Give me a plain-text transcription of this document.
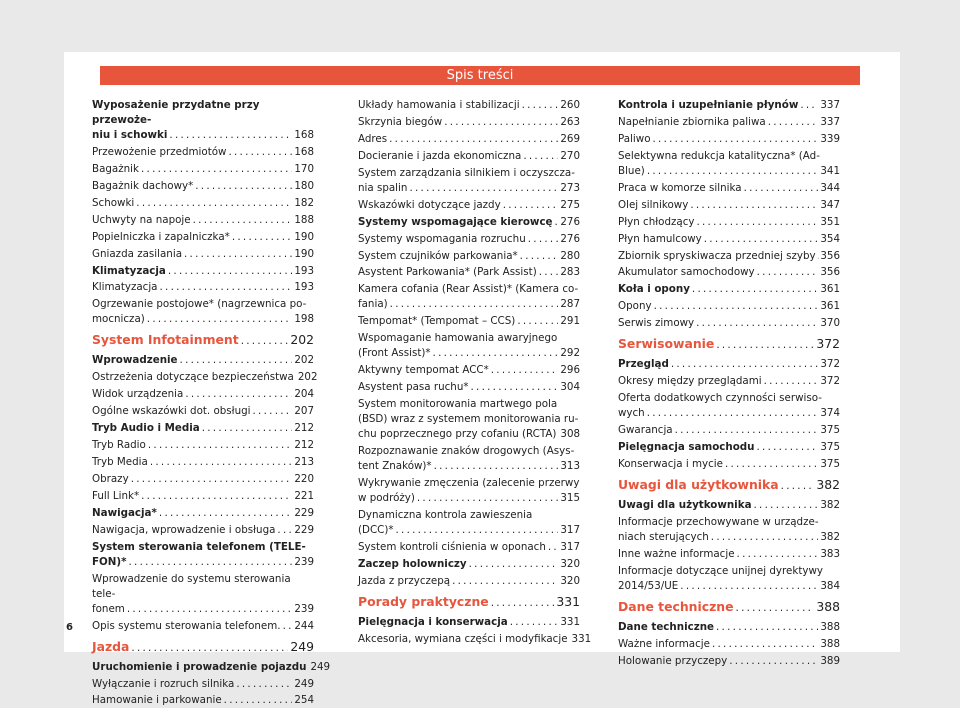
Spis treści
Wyposażenie przydatne przy przewoże-
niu i schowki . . .	168
Przewożenie przedmiotów . . .	168
Bagażnik . . .	170
Bagażnik dachowy* . . .	180
Schowki . . .	182
Uchwyty na napoje . . .	188
Popielniczka i zapalniczka* . . .	190
Gniazda zasilania . . .	190
Klimatyzacja . . .	193
Klimatyzacja . . .	193
Ogrzewanie postojowe* (nagrzewnica po-
mocnicza) . . .	198
System Infotainment . . .	202
Wprowadzenie . . .	202
Ostrzeżenia dotyczące bezpieczeństwa 202
Widok urządzenia . . .	204
Ogólne wskazówki dot. obsługi . . .	207
Tryb Audio i Media . . .	212
Tryb Radio . . .	212
Tryb Media . . .	213
Obrazy . . .	220
Full Link* . . .	221
Nawigacja* . . .	229
Nawigacja, wprowadzenie i obsługa . . . 229
System sterowania telefonem (TELE-
FON)* . . .	239
Wprowadzenie do systemu sterowania tele-
fonem . . .	239
Opis systemu sterowania telefonem. . . . 244
Jazda . . .	249
Uruchomienie i prowadzenie pojazdu 249
Wyłączanie i rozruch silnika . . .	249
Hamowanie i parkowanie . . .	254
Układy hamowania i stabilizacji . . .	260
Skrzynia biegów . . .	263
Adres . . .	269
Docieranie i jazda ekonomiczna . . .	270
System zarządzania silnikiem i oczyszcza-
nia spalin . . .	273
Wskazówki dotyczące jazdy . . .	275
Systemy wspomagające kierowcę . . . 276
Systemy wspomagania rozruchu . . .	276
System czujników parkowania* . . .	280
Asystent Parkowania* (Park Assist) . . . 283
Kamera cofania (Rear Assist)* (Kamera co-
fania) . . .	287
Tempomat* (Tempomat – CCS) . . .	291
Wspomaganie hamowania awaryjnego
(Front Assist)* . . .	292
Aktywny tempomat ACC* . . .	296
Asystent pasa ruchu* . . .	304
System monitorowania martwego pola
(BSD) wraz z systemem monitorowania ru-
chu poprzecznego przy cofaniu (RCTA) 308
Rozpoznawanie znaków drogowych (Asys-
tent Znaków)* . . .	313
Wykrywanie zmęczenia (zalecenie przerwy
w podróży) . . .	315
Dynamiczna kontrola zawieszenia
(DCC)* . . .	317
System kontroli ciśnienia w oponach . . . 317
Zaczep holowniczy . . .	320
Jazda z przyczepą . . .	320
Porady praktyczne . . .	331
Pielęgnacja i konserwacja . . .	331
Akcesoria, wymiana części i modyfikacje 331
Kontrola i uzupełnianie płynów . . . 337
Napełnianie zbiornika paliwa . . .	337
Paliwo . . .	339
Selektywna redukcja katalityczna* (Ad-
Blue) . . .	341
Praca w komorze silnika . . .	344
Olej silnikowy . . .	347
Płyn chłodzący . . .	351
Płyn hamulcowy . . .	354
Zbiornik spryskiwacza przedniej szyby . . . 356
Akumulator samochodowy . . .	356
Koła i opony . . .	361
Opony . . .	361
Serwis zimowy . . .	370
Serwisowanie . . .	372
Przegląd . . .	372
Okresy między przeglądami . . .	372
Oferta dodatkowych czynności serwiso-
wych . . .	374
Gwarancja . . .	375
Pielęgnacja samochodu . . .	375
Konserwacja i mycie . . .	375
Uwagi dla użytkownika . . .	382
Uwagi dla użytkownika . . .	382
Informacje przechowywane w urządze-
niach sterujących . . .	382
Inne ważne informacje . . .	383
Informacje dotyczące unijnej dyrektywy
2014/53/UE . . .	384
Dane techniczne . . .	388
Dane techniczne . . .	388
Ważne informacje . . .	388
Holowanie przyczepy . . .	389
6
